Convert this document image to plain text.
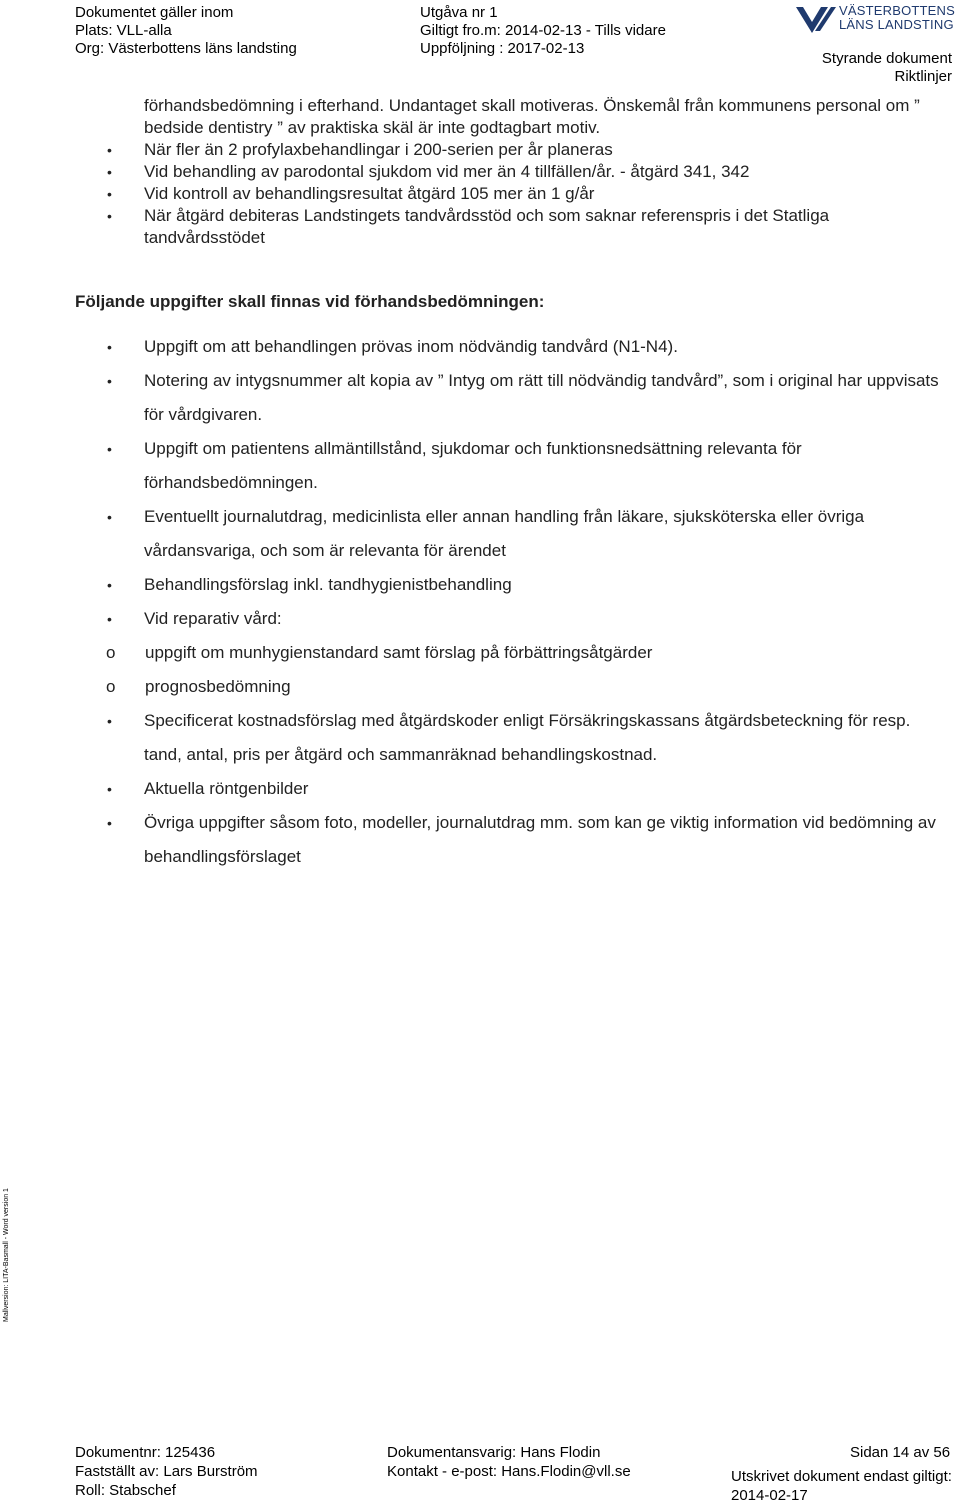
Dokumentet gäller inom
Plats: VLL-alla
Org: Västerbottens läns landsting
Utgåva nr 1
Giltigt fro.m: 2014-02-13 - Tills vidare
Uppföljning : 2017-02-13
VÄSTERBOTTENS
LÄNS LANDSTING
Styrande dokument
Riktlinjer
förhandsbedömning i efterhand. Undantaget skall motiveras. Önskemål från kommunens personal om ” bedside dentistry ” av praktiska skäl är inte godtagbart motiv.
• När fler än 2 profylaxbehandlingar i 200-serien per år planeras
• Vid behandling av parodontal sjukdom vid mer än 4 tillfällen/år. - åtgärd 341, 342
• Vid kontroll av behandlingsresultat åtgärd 105 mer än 1 g/år
• När åtgärd debiteras Landstingets tandvårdsstöd och som saknar referenspris i det Statliga tandvårdsstödet
Följande uppgifter skall finnas vid förhandsbedömningen:
• Uppgift om att behandlingen prövas inom nödvändig tandvård (N1-N4).
• Notering av intygsnummer alt kopia av ” Intyg om rätt till nödvändig tandvård”, som i original har uppvisats för vårdgivaren.
• Uppgift om patientens allmäntillstånd, sjukdomar och funktionsnedsättning relevanta för förhandsbedömningen.
• Eventuellt journalutdrag, medicinlista eller annan handling från läkare, sjuksköterska eller övriga vårdansvariga, och som är relevanta för ärendet
• Behandlingsförslag inkl. tandhygienistbehandling
• Vid reparativ vård:
o uppgift om munhygienstandard samt förslag på förbättringsåtgärder
o prognosbedömning
• Specificerat kostnadsförslag med åtgärdskoder enligt Försäkringskassans åtgärdsbeteckning för resp. tand, antal, pris per åtgärd och sammanräknad behandlingskostnad.
• Aktuella röntgenbilder
• Övriga uppgifter såsom foto, modeller, journalutdrag mm. som kan ge viktig information vid bedömning av behandlingsförslaget
Mallversion: LITA-Basmall - Word version 1
Dokumentnr: 125436
Fastställt av: Lars Burström
Roll: Stabschef
Dokumentansvarig: Hans Flodin
Kontakt - e-post: Hans.Flodin@vll.se
Sidan 14 av 56
Utskrivet dokument endast giltigt:
2014-02-17
